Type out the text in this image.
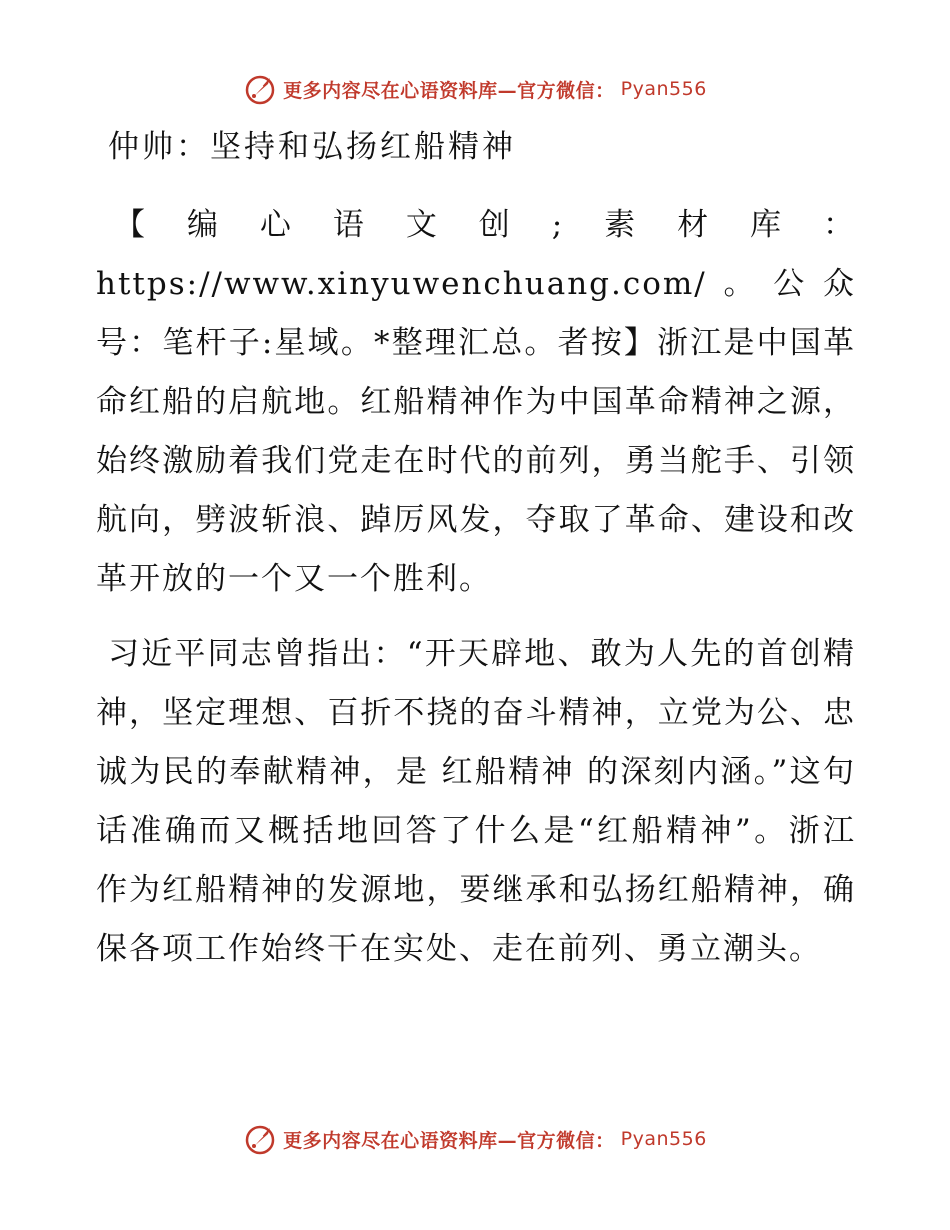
更多内容尽在心语资料库—官方微信： Pyan556
仲帅：坚持和弘扬红船精神

【编心语文创;素材库：https://www.xinyuwenchuang.com/。公众号：笔杆子:星域。*整理汇总。者按】浙江是中国革命红船的启航地。红船精神作为中国革命精神之源，始终激励着我们党走在时代的前列，勇当舵手、引领航向，劈波斩浪、踔厉风发，夺取了革命、建设和改革开放的一个又一个胜利。

习近平同志曾指出：“开天辟地、敢为人先的首创精神，坚定理想、百折不挠的奋斗精神，立党为公、忠诚为民的奉献精神，是 红船精神 的深刻内涵。”这句话准确而又概括地回答了什么是“红船精神”。浙江作为红船精神的发源地，要继承和弘扬红船精神，确保各项工作始终干在实处、走在前列、勇立潮头。

更多内容尽在心语资料库—官方微信： Pyan556
